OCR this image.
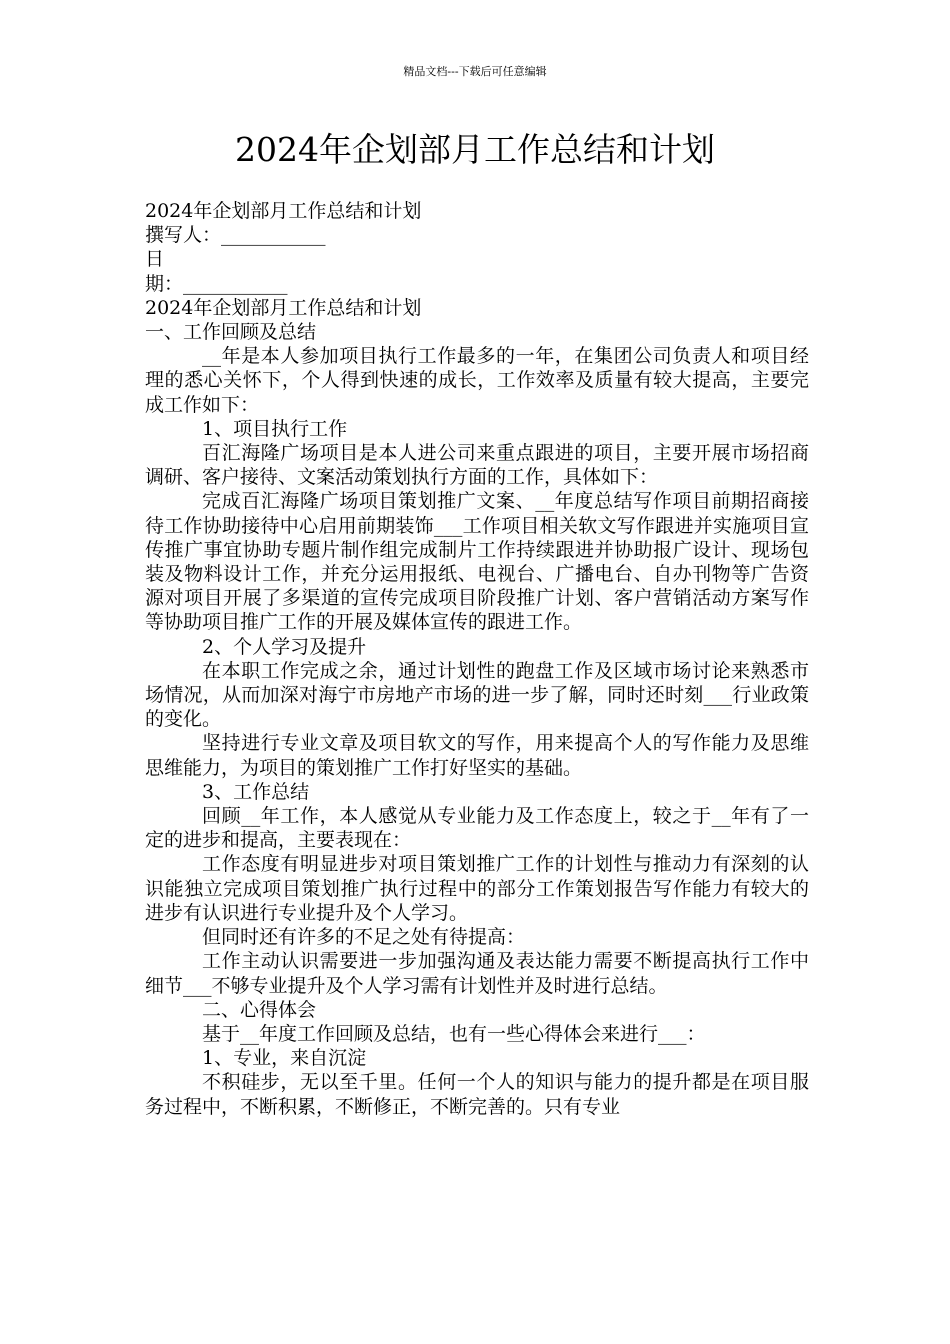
精品文档---下载后可任意编辑
2024年企划部月工作总结和计划

2024年企划部月工作总结和计划

撰写人：___________

日

期：___________

2024年企划部月工作总结和计划

一、工作回顾及总结

__年是本人参加项目执行工作最多的一年，在集团公司负责人和项目经理的悉心关怀下，个人得到快速的成长，工作效率及质量有较大提高，主要完成工作如下：

1、项目执行工作

百汇海隆广场项目是本人进公司来重点跟进的项目，主要开展市场招商调研、客户接待、文案活动策划执行方面的工作，具体如下：

完成百汇海隆广场项目策划推广文案、__年度总结写作项目前期招商接待工作协助接待中心启用前期装饰___工作项目相关软文写作跟进并实施项目宣传推广事宜协助专题片制作组完成制片工作持续跟进并协助报广设计、现场包装及物料设计工作，并充分运用报纸、电视台、广播电台、自办刊物等广告资源对项目开展了多渠道的宣传完成项目阶段推广计划、客户营销活动方案写作等协助项目推广工作的开展及媒体宣传的跟进工作。

2、个人学习及提升

在本职工作完成之余，通过计划性的跑盘工作及区域市场讨论来熟悉市场情况，从而加深对海宁市房地产市场的进一步了解，同时还时刻___行业政策的变化。

坚持进行专业文章及项目软文的写作，用来提高个人的写作能力及思维思维能力，为项目的策划推广工作打好坚实的基础。

3、工作总结

回顾__年工作，本人感觉从专业能力及工作态度上，较之于__年有了一定的进步和提高，主要表现在：

工作态度有明显进步对项目策划推广工作的计划性与推动力有深刻的认识能独立完成项目策划推广执行过程中的部分工作策划报告写作能力有较大的进步有认识进行专业提升及个人学习。

但同时还有许多的不足之处有待提高：

工作主动认识需要进一步加强沟通及表达能力需要不断提高执行工作中细节___不够专业提升及个人学习需有计划性并及时进行总结。

二、心得体会

基于__年度工作回顾及总结，也有一些心得体会来进行___：

1、专业，来自沉淀

不积硅步，无以至千里。任何一个人的知识与能力的提升都是在项目服务过程中，不断积累，不断修正，不断完善的。只有专业
